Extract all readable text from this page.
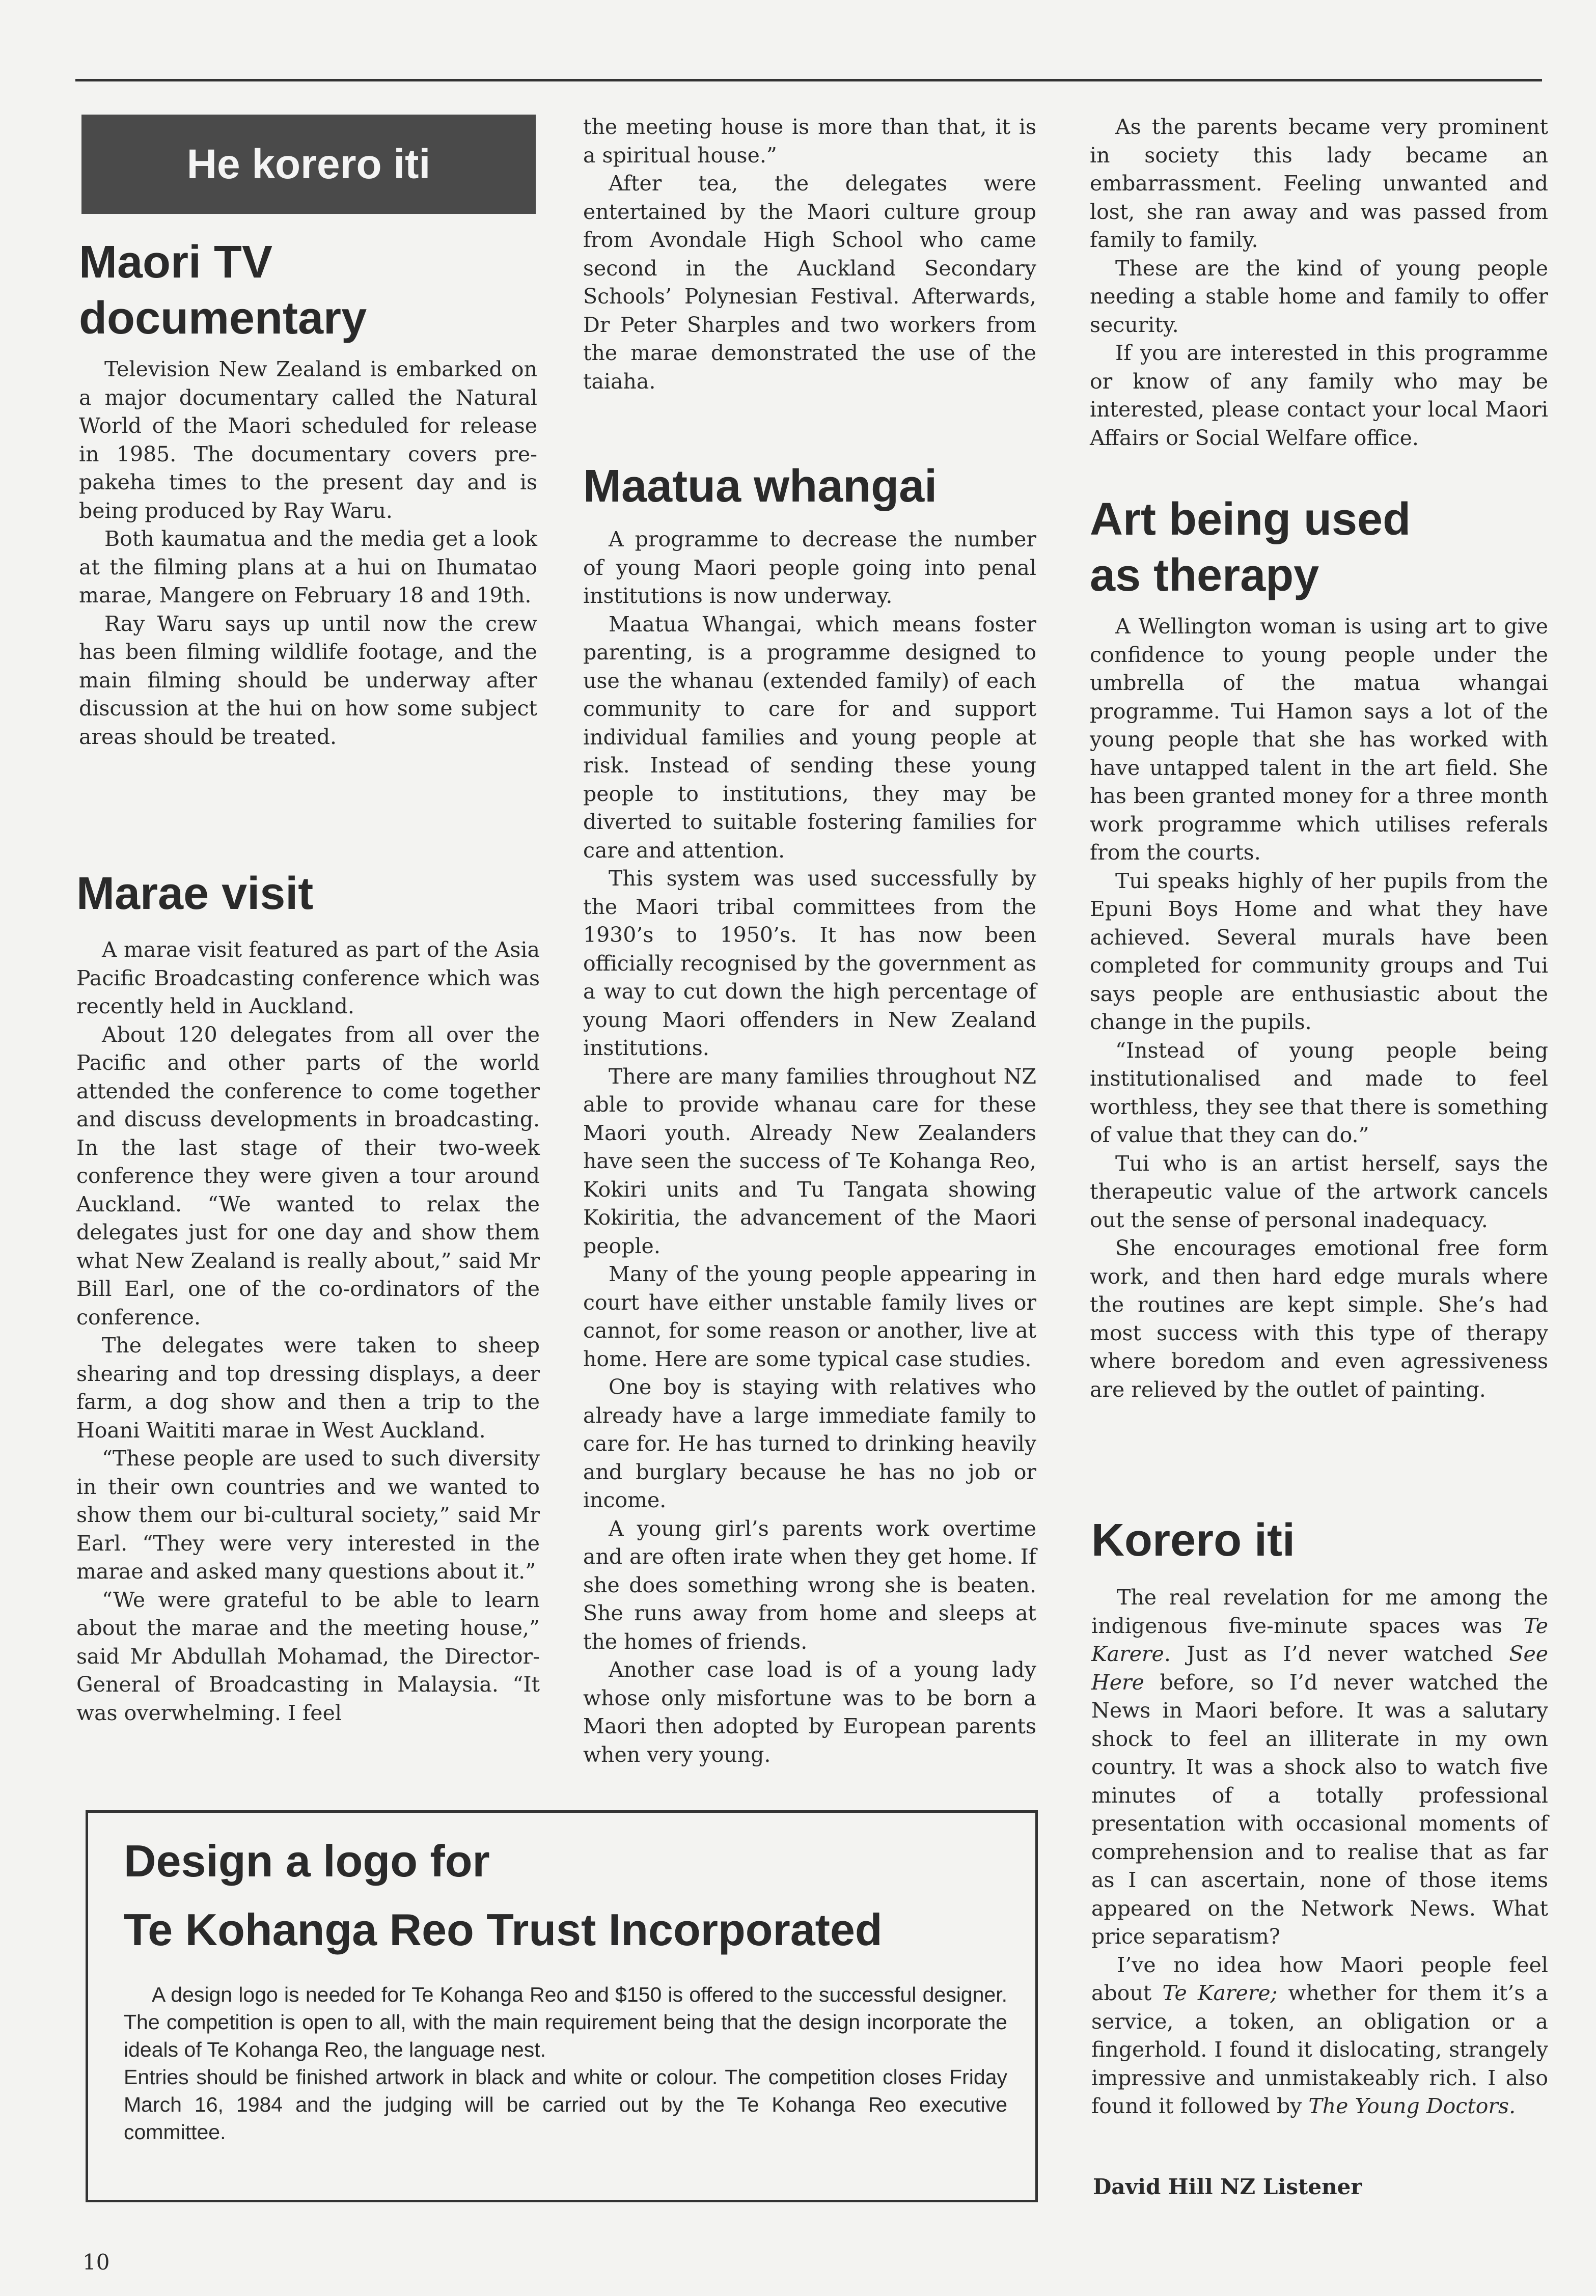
He korero iti
Maori TV
documentary

Television New Zealand is embarked on a major documentary called the Natural World of the Maori scheduled for release in 1985. The documentary covers pre-pakeha times to the present day and is being produced by Ray Waru.

Both kaumatua and the media get a look at the filming plans at a hui on Ihumatao marae, Mangere on February 18 and 19th.

Ray Waru says up until now the crew has been filming wildlife footage, and the main filming should be underway after discussion at the hui on how some subject areas should be treated.

Marae visit

A marae visit featured as part of the Asia Pacific Broadcasting conference which was recently held in Auckland.

About 120 delegates from all over the Pacific and other parts of the world attended the conference to come together and discuss developments in broadcasting. In the last stage of their two-week conference they were given a tour around Auckland. “We wanted to relax the delegates just for one day and show them what New Zealand is really about,” said Mr Bill Earl, one of the co-ordinators of the conference.

The delegates were taken to sheep shearing and top dressing displays, a deer farm, a dog show and then a trip to the Hoani Waititi marae in West Auckland.

“These people are used to such diversity in their own countries and we wanted to show them our bi-cultural society,” said Mr Earl. “They were very interested in the marae and asked many questions about it.”

“We were grateful to be able to learn about the marae and the meeting house,” said Mr Abdullah Mohamad, the Director-General of Broadcasting in Malaysia. “It was overwhelming. I feel

the meeting house is more than that, it is a spiritual house.”

After tea, the delegates were entertained by the Maori culture group from Avondale High School who came second in the Auckland Secondary Schools’ Polynesian Festival. Afterwards, Dr Peter Sharples and two workers from the marae demonstrated the use of the taiaha.

Maatua whangai

A programme to decrease the number of young Maori people going into penal institutions is now underway.

Maatua Whangai, which means foster parenting, is a programme designed to use the whanau (extended family) of each community to care for and support individual families and young people at risk. Instead of sending these young people to institutions, they may be diverted to suitable fostering families for care and attention.

This system was used successfully by the Maori tribal committees from the 1930’s to 1950’s. It has now been officially recognised by the government as a way to cut down the high percentage of young Maori offenders in New Zealand institutions.

There are many families throughout NZ able to provide whanau care for these Maori youth. Already New Zealanders have seen the success of Te Kohanga Reo, Kokiri units and Tu Tangata showing Kokiritia, the advancement of the Maori people.

Many of the young people appearing in court have either unstable family lives or cannot, for some reason or another, live at home. Here are some typical case studies.

One boy is staying with relatives who already have a large immediate family to care for. He has turned to drinking heavily and burglary because he has no job or income.

A young girl’s parents work overtime and are often irate when they get home. If she does something wrong she is beaten. She runs away from home and sleeps at the homes of friends.

Another case load is of a young lady whose only misfortune was to be born a Maori then adopted by European parents when very young.

As the parents became very prominent in society this lady became an embarrassment. Feeling unwanted and lost, she ran away and was passed from family to family.

These are the kind of young people needing a stable home and family to offer security.

If you are interested in this programme or know of any family who may be interested, please contact your local Maori Affairs or Social Welfare office.

Art being used
as therapy

A Wellington woman is using art to give confidence to young people under the umbrella of the matua whangai programme. Tui Hamon says a lot of the young people that she has worked with have untapped talent in the art field. She has been granted money for a three month work programme which utilises referals from the courts.

Tui speaks highly of her pupils from the Epuni Boys Home and what they have achieved. Several murals have been completed for community groups and Tui says people are enthusiastic about the change in the pupils.

“Instead of young people being institutionalised and made to feel worthless, they see that there is something of value that they can do.”

Tui who is an artist herself, says the therapeutic value of the artwork cancels out the sense of personal inadequacy.

She encourages emotional free form work, and then hard edge murals where the routines are kept simple. She’s had most success with this type of therapy where boredom and even agressiveness are relieved by the outlet of painting.

Korero iti

The real revelation for me among the indigenous five-minute spaces was Te Karere. Just as I’d never watched See Here before, so I’d never watched the News in Maori before. It was a salutary shock to feel an illiterate in my own country. It was a shock also to watch five minutes of a totally professional presentation with occasional moments of comprehension and to realise that as far as I can ascertain, none of those items appeared on the Network News. What price separatism?

I’ve no idea how Maori people feel about Te Karere; whether for them it’s a service, a token, an obligation or a fingerhold. I found it dislocating, strangely impressive and unmistakeably rich. I also found it followed by The Young Doctors.

David Hill NZ Listener
Design a logo for
Te Kohanga Reo Trust Incorporated

A design logo is needed for Te Kohanga Reo and $150 is offered to the successful designer. The competition is open to all, with the main requirement being that the design incorporate the ideals of Te Kohanga Reo, the language nest.

Entries should be finished artwork in black and white or colour. The competition closes Friday March 16, 1984 and the judging will be carried out by the Te Kohanga Reo executive committee.

10
